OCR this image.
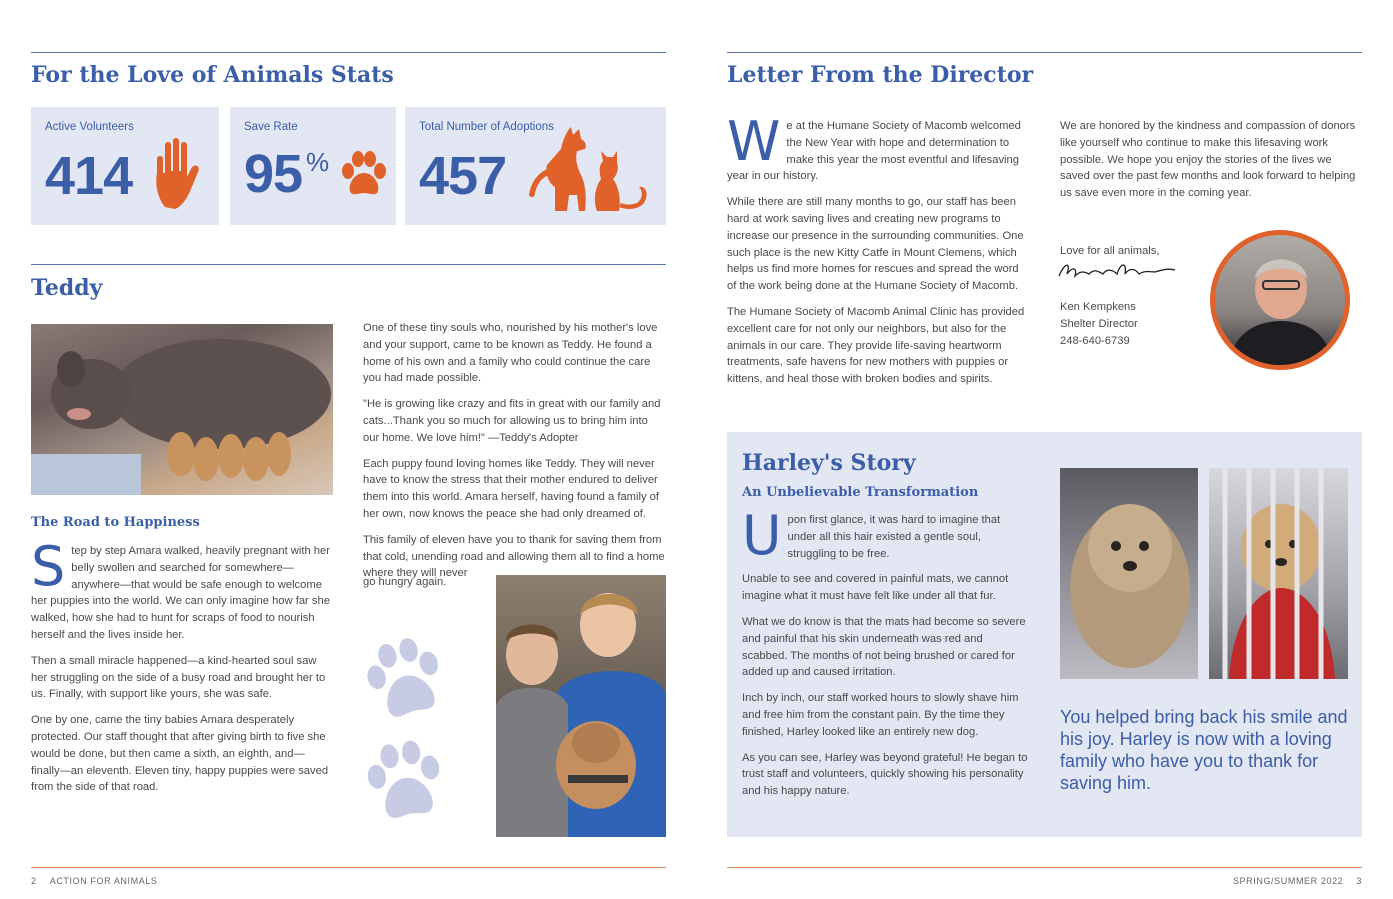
For the Love of Animals Stats
Active Volunteers
414
Save Rate
95 %
Total Number of Adoptions
457
Teddy
The Road to Happiness

Step by step Amara walked, heavily pregnant with her belly swollen and searched for somewhere—anywhere—that would be safe enough to welcome her puppies into the world. We can only imagine how far she walked, how she had to hunt for scraps of food to nourish herself and the lives inside her.

Then a small miracle happened—a kind-hearted soul saw her struggling on the side of a busy road and brought her to us. Finally, with support like yours, she was safe.

One by one, came the tiny babies Amara desperately protected. Our staff thought that after giving birth to five she would be done, but then came a sixth, an eighth, and—finally—an eleventh. Eleven tiny, happy puppies were saved from the side of that road.

One of these tiny souls who, nourished by his mother's love and your support, came to be known as Teddy. He found a home of his own and a family who could continue the care you had made possible.

"He is growing like crazy and fits in great with our family and cats...Thank you so much for allowing us to bring him into our home. We love him!" —Teddy's Adopter

Each puppy found loving homes like Teddy. They will never have to know the stress that their mother endured to deliver them into this world. Amara herself, having found a family of her own, now knows the peace she had only dreamed of.

This family of eleven have you to thank for saving them from that cold, unending road and allowing them all to find a home where they will never

go hungry again.
2 ACTION FOR ANIMALS
Letter From the Director

We at the Humane Society of Macomb welcomed the New Year with hope and determination to make this year the most eventful and lifesaving year in our history.

While there are still many months to go, our staff has been hard at work saving lives and creating new programs to increase our presence in the surrounding communities. One such place is the new Kitty Catfe in Mount Clemens, which helps us find more homes for rescues and spread the word of the work being done at the Humane Society of Macomb.

The Humane Society of Macomb Animal Clinic has provided excellent care for not only our neighbors, but also for the animals in our care. They provide life-saving heartworm treatments, safe havens for new mothers with puppies or kittens, and heal those with broken bodies and spirits.

We are honored by the kindness and compassion of donors like yourself who continue to make this lifesaving work possible. We hope you enjoy the stories of the lives we saved over the past few months and look forward to helping us save even more in the coming year.

Love for all animals,
Ken Kempkens
Shelter Director
248-640-6739
Harley's Story
An Unbelievable Transformation

Upon first glance, it was hard to imagine that under all this hair existed a gentle soul, struggling to be free.

Unable to see and covered in painful mats, we cannot imagine what it must have felt like under all that fur.

What we do know is that the mats had become so severe and painful that his skin underneath was red and scabbed. The months of not being brushed or cared for added up and caused irritation.

Inch by inch, our staff worked hours to slowly shave him and free him from the constant pain. By the time they finished, Harley looked like an entirely new dog.

As you can see, Harley was beyond grateful! He began to trust staff and volunteers, quickly showing his personality and his happy nature.

You helped bring back his smile and his joy. Harley is now with a loving family who have you to thank for saving him.
SPRING/SUMMER 2022 3
